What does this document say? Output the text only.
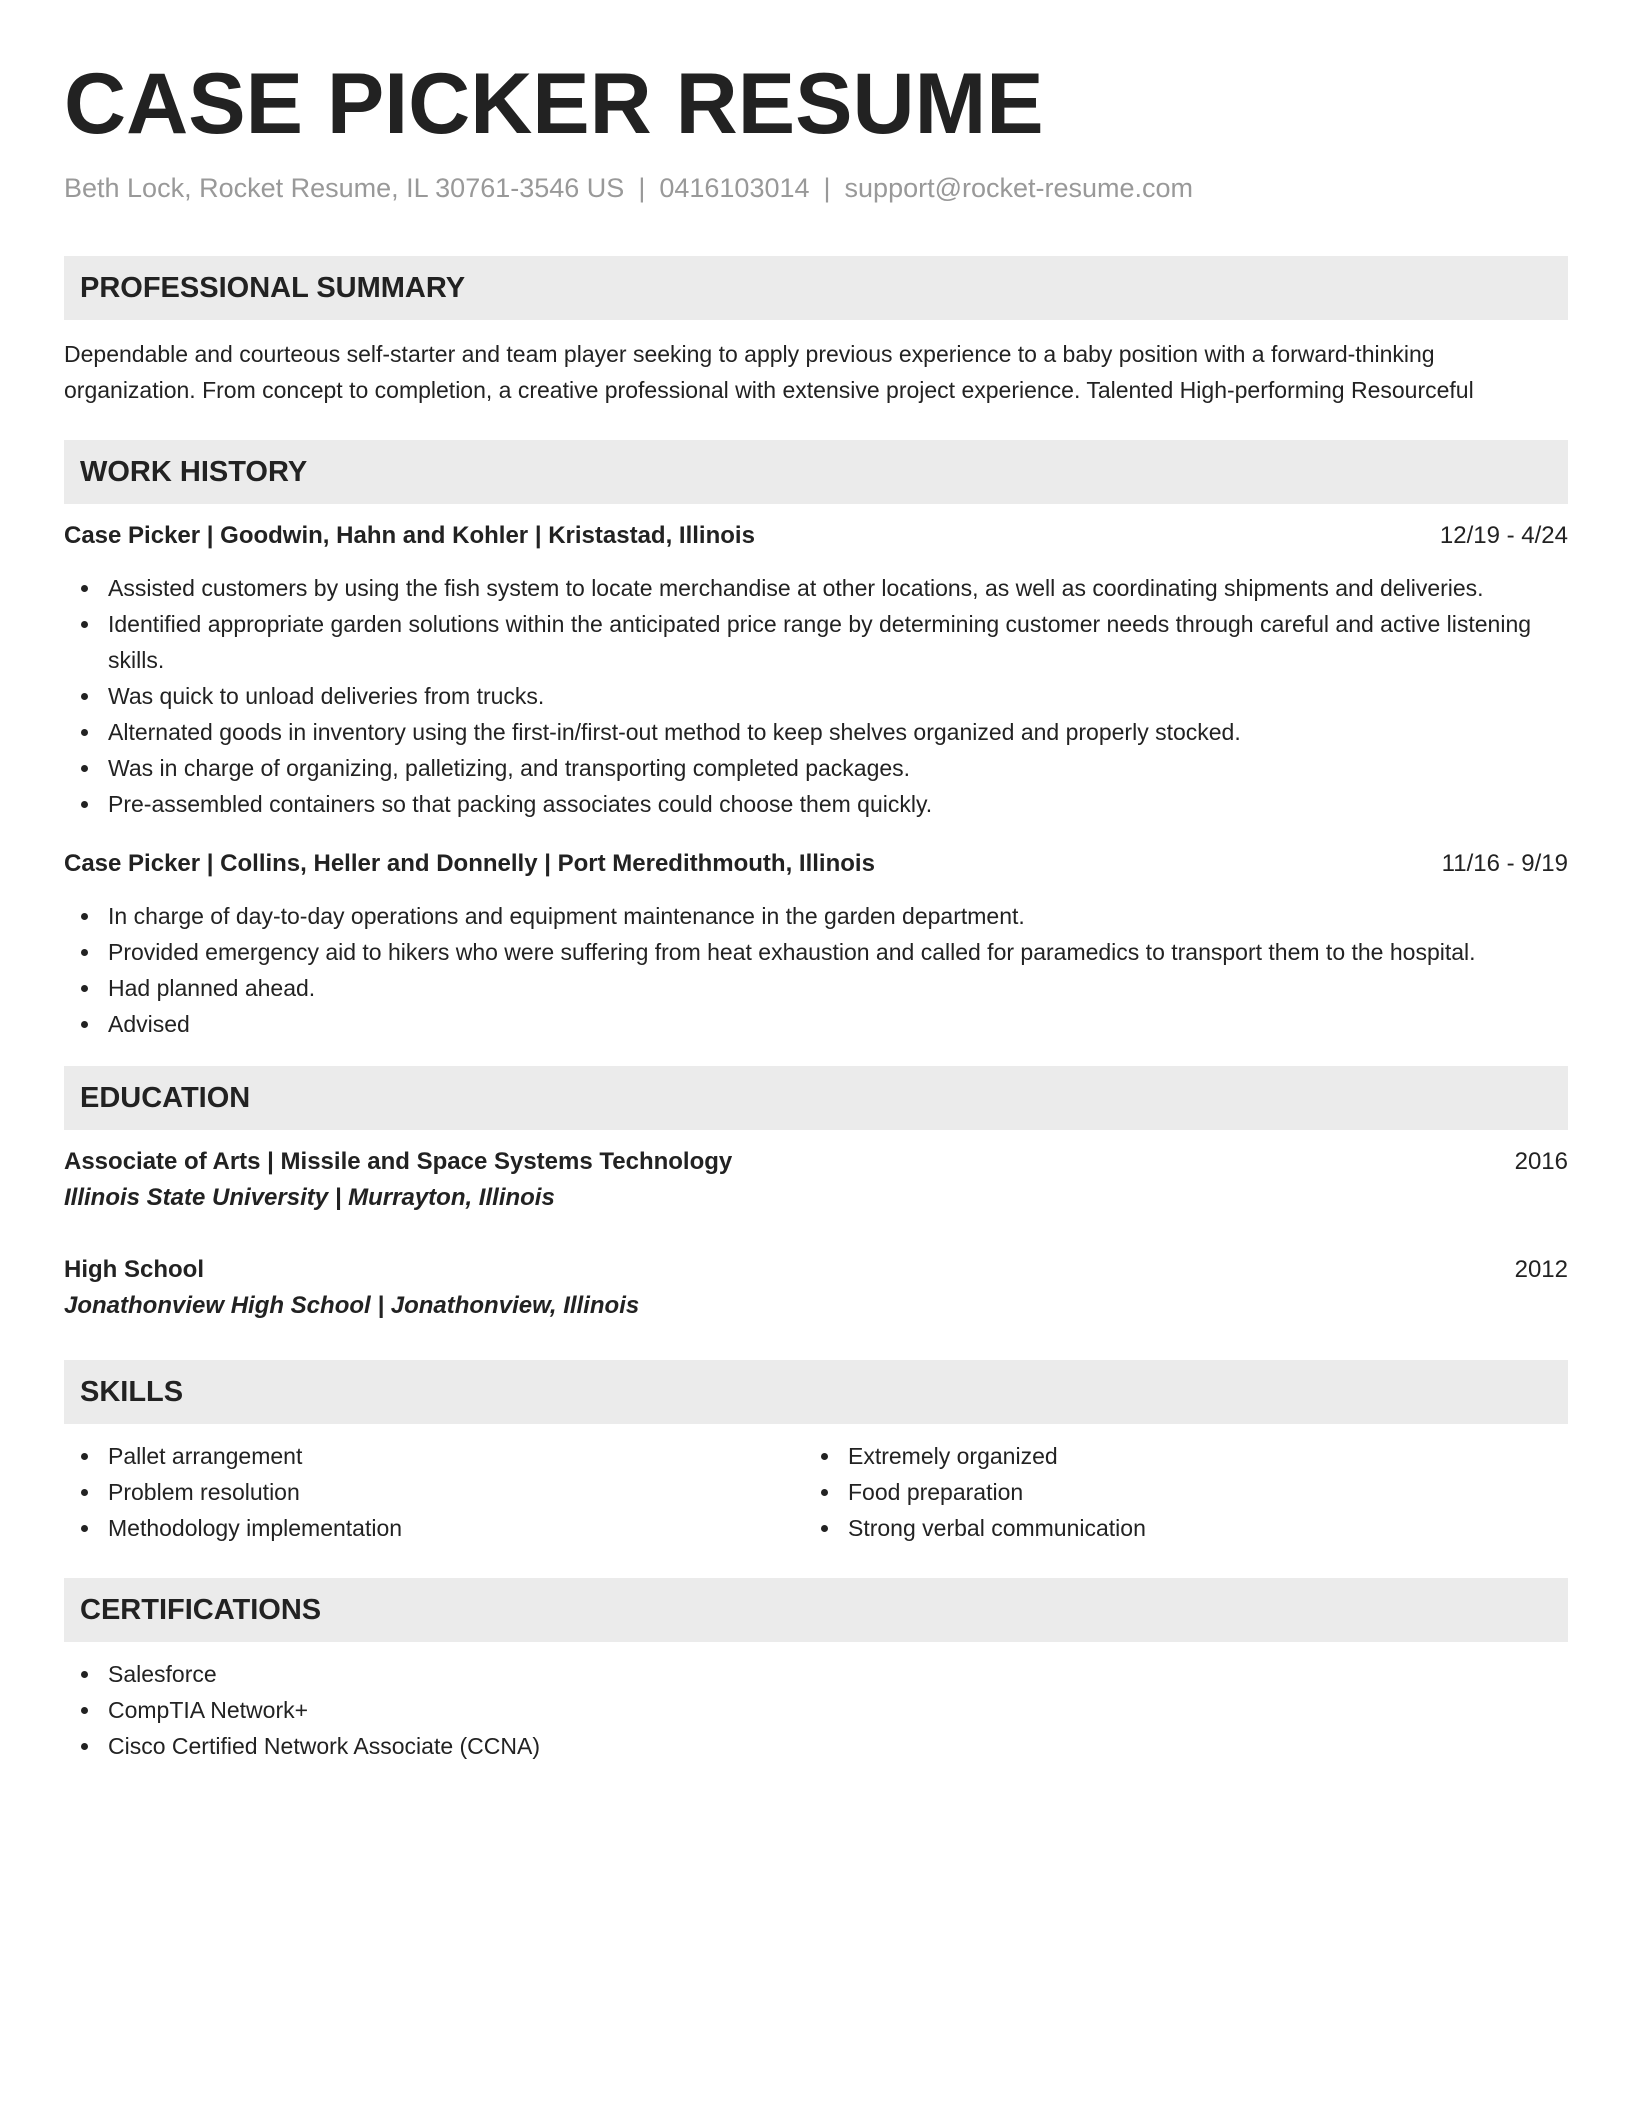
CASE PICKER RESUME
Beth Lock, Rocket Resume, IL 30761-3546 US | 0416103014 | support@rocket-resume.com
PROFESSIONAL SUMMARY
Dependable and courteous self-starter and team player seeking to apply previous experience to a baby position with a forward-thinking organization. From concept to completion, a creative professional with extensive project experience. Talented High-performing Resourceful
WORK HISTORY
Case Picker | Goodwin, Hahn and Kohler | Kristastad, Illinois	12/19 - 4/24
Assisted customers by using the fish system to locate merchandise at other locations, as well as coordinating shipments and deliveries.
Identified appropriate garden solutions within the anticipated price range by determining customer needs through careful and active listening skills.
Was quick to unload deliveries from trucks.
Alternated goods in inventory using the first-in/first-out method to keep shelves organized and properly stocked.
Was in charge of organizing, palletizing, and transporting completed packages.
Pre-assembled containers so that packing associates could choose them quickly.
Case Picker | Collins, Heller and Donnelly | Port Meredithmouth, Illinois	11/16 - 9/19
In charge of day-to-day operations and equipment maintenance in the garden department.
Provided emergency aid to hikers who were suffering from heat exhaustion and called for paramedics to transport them to the hospital.
Had planned ahead.
Advised
EDUCATION
Associate of Arts | Missile and Space Systems Technology	2016
Illinois State University | Murrayton, Illinois
High School	2012
Jonathonview High School | Jonathonview, Illinois
SKILLS
Pallet arrangement
Problem resolution
Methodology implementation
Extremely organized
Food preparation
Strong verbal communication
CERTIFICATIONS
Salesforce
CompTIA Network+
Cisco Certified Network Associate (CCNA)
